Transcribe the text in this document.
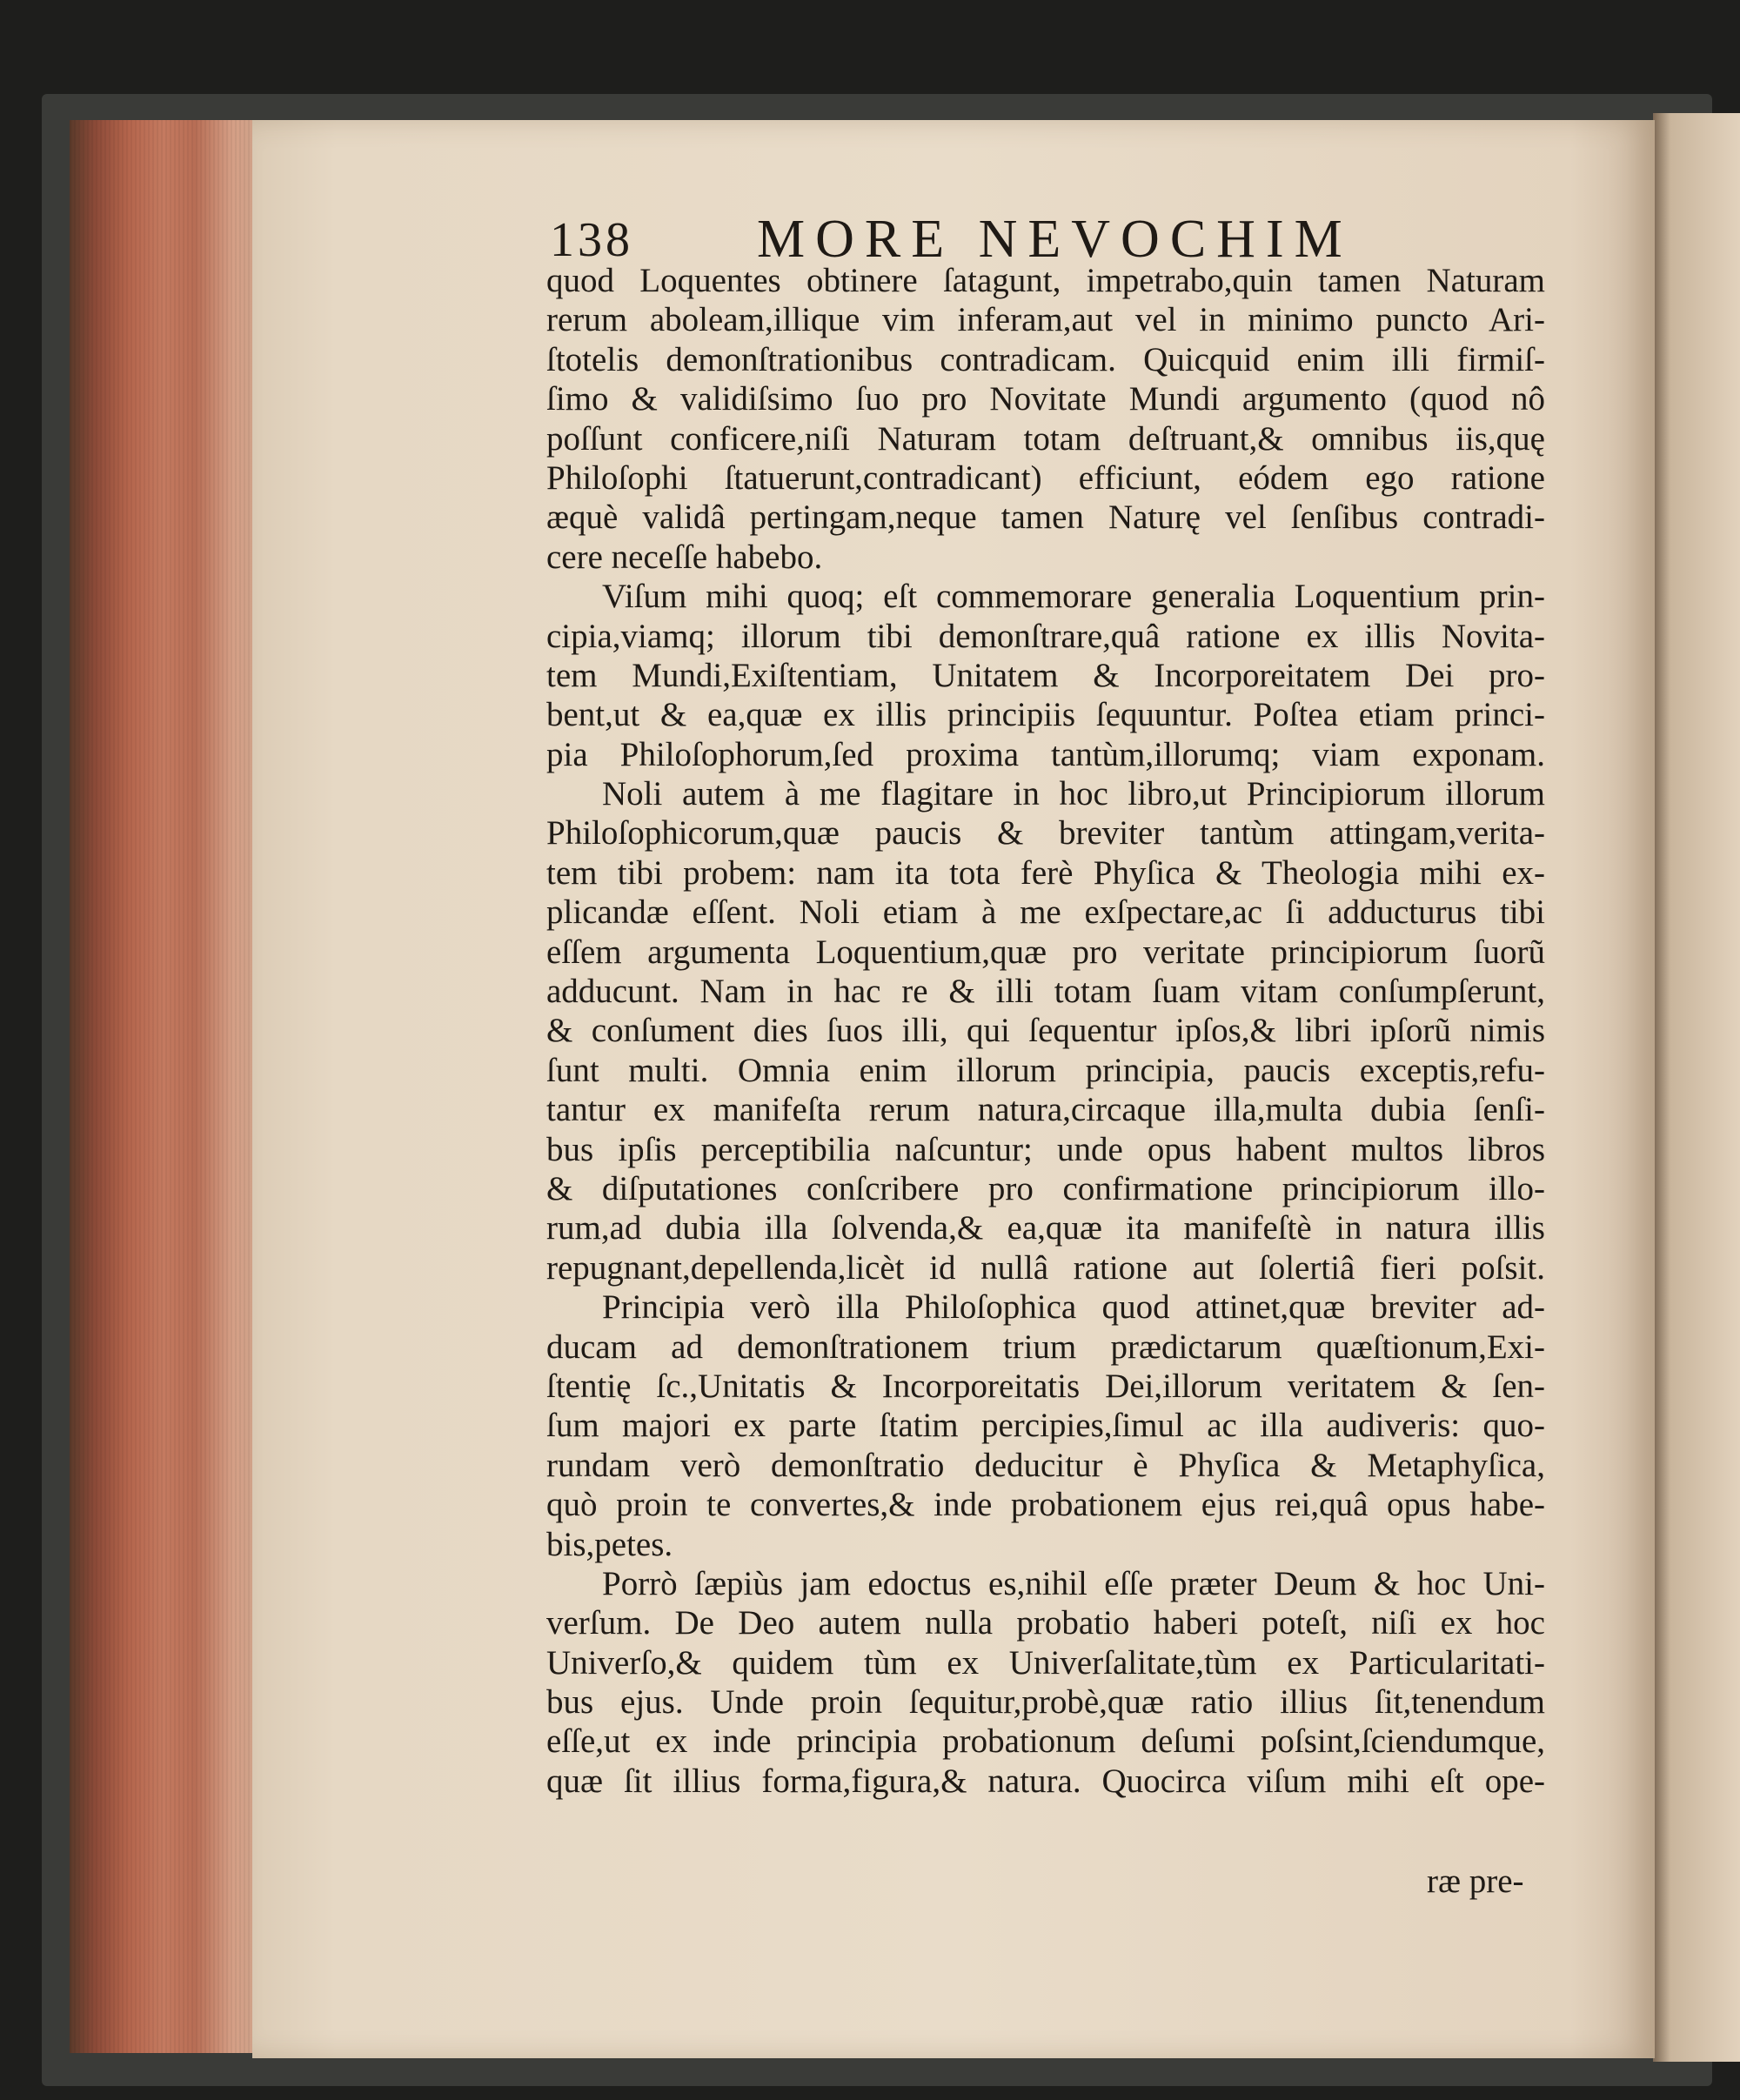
138 MORE NEVOCHIM
quod Loquentes obtinere ſatagunt, impetrabo,quin tamen Naturam
rerum aboleam,illique vim inferam,aut vel in minimo puncto Ari-
ſtotelis demonſtrationibus contradicam. Quicquid enim illi firmiſ-
ſimo & validiſsimo ſuo pro Novitate Mundi argumento (quod nô
poſſunt conficere,niſi Naturam totam deſtruant,& omnibus iis,quę
Philoſophi ſtatuerunt,contradicant) efficiunt, eódem ego ratione
æquè validâ pertingam,neque tamen Naturę vel ſenſibus contradi-
cere neceſſe habebo.
Viſum mihi quoq; eſt commemorare generalia Loquentium prin-
cipia,viamq; illorum tibi demonſtrare,quâ ratione ex illis Novita-
tem Mundi,Exiſtentiam, Unitatem & Incorporeitatem Dei pro-
bent,ut & ea,quæ ex illis principiis ſequuntur. Poſtea etiam princi-
pia Philoſophorum,ſed proxima tantùm,illorumq; viam exponam.
Noli autem à me flagitare in hoc libro,ut Principiorum illorum
Philoſophicorum,quæ paucis & breviter tantùm attingam,verita-
tem tibi probem: nam ita tota ferè Phyſica & Theologia mihi ex-
plicandæ eſſent. Noli etiam à me exſpectare,ac ſi adducturus tibi
eſſem argumenta Loquentium,quæ pro veritate principiorum ſuorũ
adducunt. Nam in hac re & illi totam ſuam vitam conſumpſerunt,
& conſument dies ſuos illi, qui ſequentur ipſos,& libri ipſorũ nimis
ſunt multi. Omnia enim illorum principia, paucis exceptis,refu-
tantur ex manifeſta rerum natura,circaque illa,multa dubia ſenſi-
bus ipſis perceptibilia naſcuntur; unde opus habent multos libros
& diſputationes conſcribere pro confirmatione principiorum illo-
rum,ad dubia illa ſolvenda,& ea,quæ ita manifeſtè in natura illis
repugnant,depellenda,licèt id nullâ ratione aut ſolertiâ fieri poſsit.
Principia verò illa Philoſophica quod attinet,quæ breviter ad-
ducam ad demonſtrationem trium prædictarum quæſtionum,Exi-
ſtentię ſc.,Unitatis & Incorporeitatis Dei,illorum veritatem & ſen-
ſum majori ex parte ſtatim percipies,ſimul ac illa audiveris: quo-
rundam verò demonſtratio deducitur è Phyſica & Metaphyſica,
quò proin te convertes,& inde probationem ejus rei,quâ opus habe-
bis,petes.
Porrò ſæpiùs jam edoctus es,nihil eſſe præter Deum & hoc Uni-
verſum. De Deo autem nulla probatio haberi poteſt, niſi ex hoc
Univerſo,& quidem tùm ex Univerſalitate,tùm ex Particularitati-
bus ejus. Unde proin ſequitur,probè,quæ ratio illius ſit,tenendum
eſſe,ut ex inde principia probationum deſumi poſsint,ſciendumque,
quæ ſit illius forma,figura,& natura. Quocirca viſum mihi eſt ope-
ræ pre-
